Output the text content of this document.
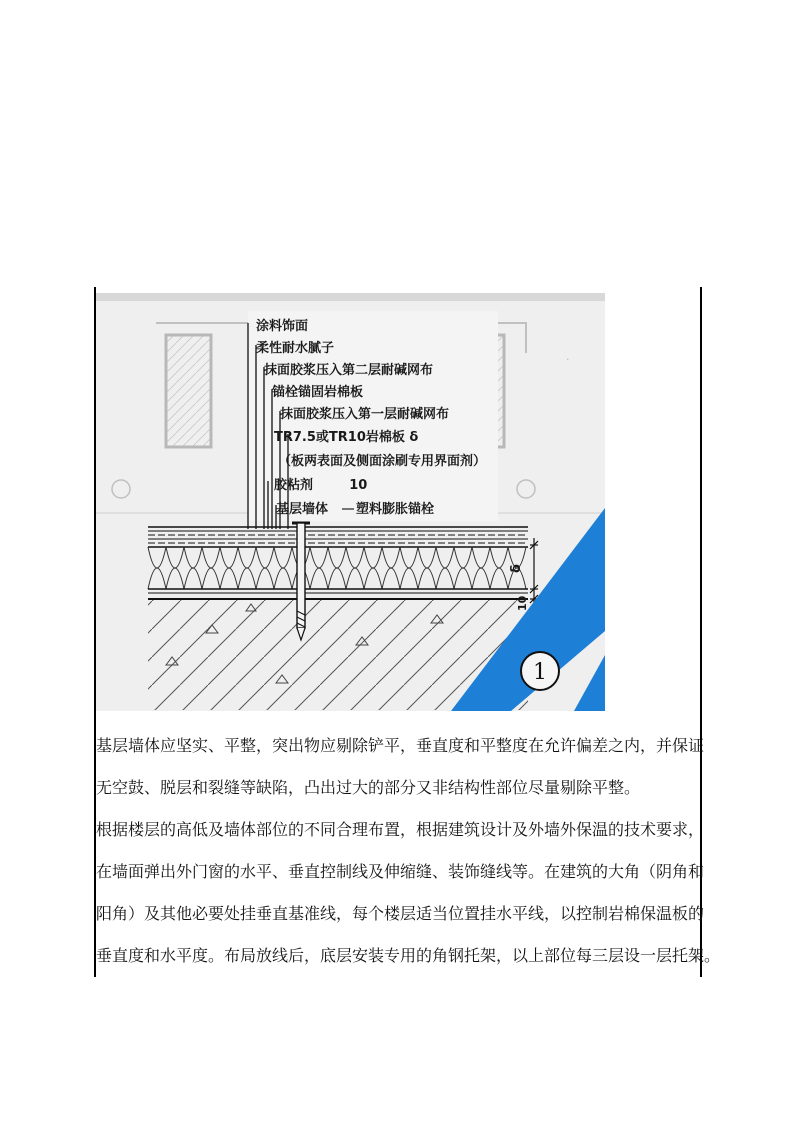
·
涂料饰面
柔性耐水腻子
抹面胶浆压入第二层耐碱网布
锚栓锚固岩棉板
抹面胶浆压入第一层耐碱网布
TR7.5或TR10岩棉板 δ
（板两表面及侧面涂刷专用界面剂）
胶粘剂        10
基层墙体 塑料膨胀锚栓
δ
10
1
基层墙体应坚实、平整，突出物应剔除铲平，垂直度和平整度在允许偏差之内，并保证
无空鼓、脱层和裂缝等缺陷，凸出过大的部分又非结构性部位尽量剔除平整。
根据楼层的高低及墙体部位的不同合理布置，根据建筑设计及外墙外保温的技术要求，
在墙面弹出外门窗的水平、垂直控制线及伸缩缝、装饰缝线等。在建筑的大角（阴角和
阳角）及其他必要处挂垂直基准线，每个楼层适当位置挂水平线，以控制岩棉保温板的
垂直度和水平度。布局放线后，底层安装专用的角钢托架，以上部位每三层设一层托架。
